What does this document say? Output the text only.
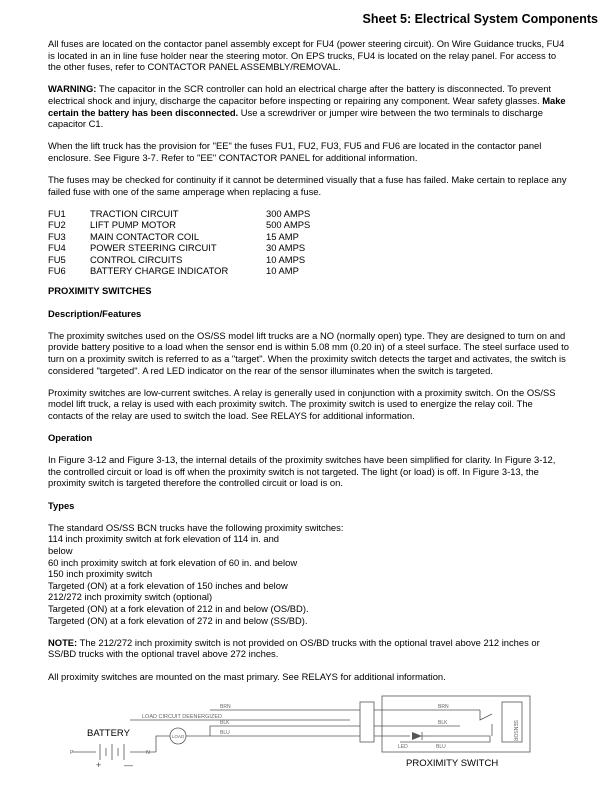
Sheet 5: Electrical System Components

All fuses are located on the contactor panel assembly except for FU4 (power steering circuit). On Wire Guidance trucks, FU4 is located in an in line fuse holder near the steering motor. On EPS trucks, FU4 is located on the relay panel. For access to the other fuses, refer to CONTACTOR PANEL ASSEMBLY/REMOVAL.

WARNING: The capacitor in the SCR controller can hold an electrical charge after the battery is disconnected. To prevent electrical shock and injury, discharge the capacitor before inspecting or repairing any component. Wear safety glasses. Make certain the battery has been disconnected. Use a screwdriver or jumper wire between the two terminals to discharge capacitor C1.

When the lift truck has the provision for "EE" the fuses FU1, FU2, FU3, FU5 and FU6 are located in the contactor panel enclosure. See Figure 3-7. Refer to "EE" CONTACTOR PANEL for additional information.

The fuses may be checked for continuity if it cannot be determined visually that a fuse has failed. Make certain to replace any failed fuse with one of the same amperage when replacing a fuse.

FU1	TRACTION CIRCUIT	300 AMPS
FU2	LIFT PUMP MOTOR	500 AMPS
FU3	MAIN CONTACTOR COIL	15 AMP
FU4	POWER STEERING CIRCUIT	30 AMPS
FU5	CONTROL CIRCUITS	10 AMPS
FU6	BATTERY CHARGE INDICATOR	10 AMP

PROXIMITY SWITCHES

Description/Features

The proximity switches used on the OS/SS model lift trucks are a NO (normally open) type. They are designed to turn on and provide battery positive to a load when the sensor end is within 5.08 mm (0.20 in) of a steel surface. The steel surface used to turn on a proximity switch is referred to as a "target". When the proximity switch detects the target and activates, the switch is considered "targeted". A red LED indicator on the rear of the sensor illuminates when the switch is targeted.

Proximity switches are low-current switches. A relay is generally used in conjunction with a proximity switch. On the OS/SS model lift truck, a relay is used with each proximity switch. The proximity switch is used to energize the relay coil. The contacts of the relay are used to switch the load. See RELAYS for additional information.

Operation

In Figure 3-12 and Figure 3-13, the internal details of the proximity switches have been simplified for clarity. In Figure 3-12, the controlled circuit or load is off when the proximity switch is not targeted. The light (or load) is off. In Figure 3-13, the proximity switch is targeted therefore the controlled circuit or load is on.

Types

The standard OS/SS BCN trucks have the following proximity switches:

114 inch proximity switch at fork elevation of 114 in. and

below

60 inch proximity switch at fork elevation of 60 in. and below

150 inch proximity switch

Targeted (ON) at a fork elevation of 150 inches and below

212/272 inch proximity switch (optional)

Targeted (ON) at a fork elevation of 212 in and below (OS/BD).

Targeted (ON) at a fork elevation of 272 in and below (SS/BD).

NOTE: The 212/272 inch proximity switch is not provided on OS/BD trucks with the optional travel above 212 inches or SS/BD trucks with the optional travel above 272 inches.

All proximity switches are mounted on the mast primary. See RELAYS for additional information.

LOAD CIRCUIT DEENERGIZED
BATTERY	LOAD
BRN
BLK
BLU
BRN
BLK
BLU
LED
SENSOR
P	N
+	—	PROXIMITY SWITCH
